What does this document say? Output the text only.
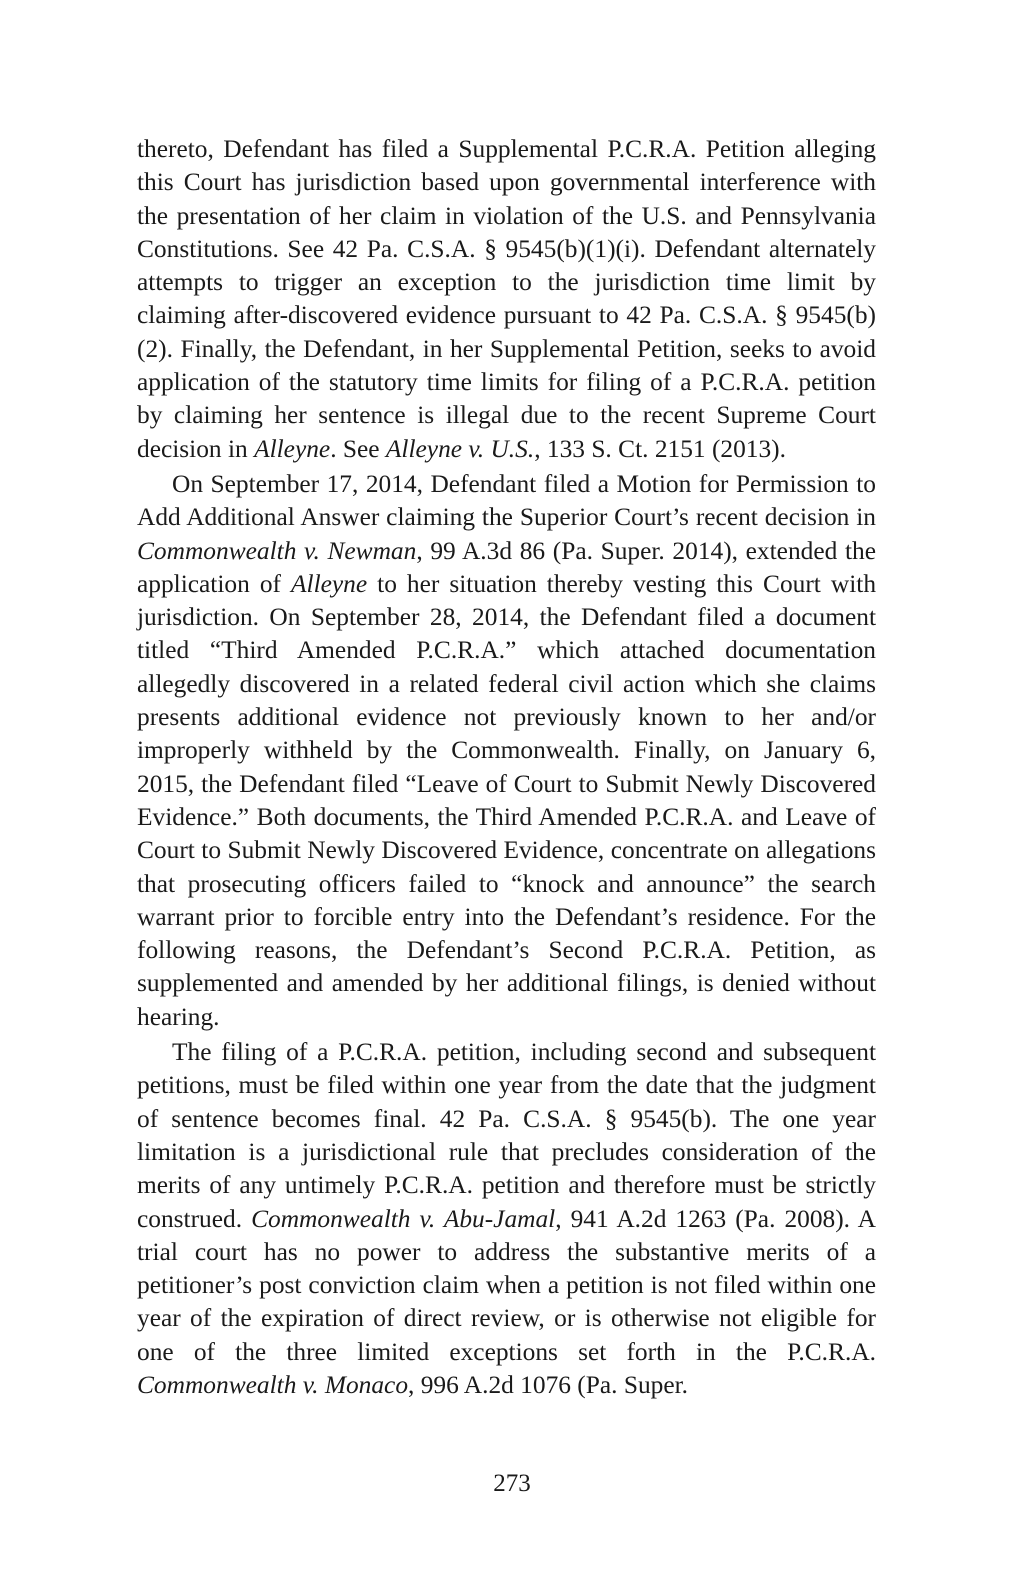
thereto, Defendant has filed a Supplemental P.C.R.A. Petition alleging this Court has jurisdiction based upon governmental interference with the presentation of her claim in violation of the U.S. and Pennsylvania Constitutions. See 42 Pa. C.S.A. § 9545(b)(1)(i). Defendant alternately attempts to trigger an exception to the jurisdiction time limit by claiming after-discovered evidence pursuant to 42 Pa. C.S.A. § 9545(b)(2). Finally, the Defendant, in her Supplemental Petition, seeks to avoid application of the statutory time limits for filing of a P.C.R.A. petition by claiming her sentence is illegal due to the recent Supreme Court decision in Alleyne. See Alleyne v. U.S., 133 S. Ct. 2151 (2013).

On September 17, 2014, Defendant filed a Motion for Permission to Add Additional Answer claiming the Superior Court’s recent decision in Commonwealth v. Newman, 99 A.3d 86 (Pa. Super. 2014), extended the application of Alleyne to her situation thereby vesting this Court with jurisdiction. On September 28, 2014, the Defendant filed a document titled “Third Amended P.C.R.A.” which attached documentation allegedly discovered in a related federal civil action which she claims presents additional evidence not previously known to her and/or improperly withheld by the Commonwealth. Finally, on January 6, 2015, the Defendant filed “Leave of Court to Submit Newly Discovered Evidence.” Both documents, the Third Amended P.C.R.A. and Leave of Court to Submit Newly Discovered Evidence, concentrate on allegations that prosecuting officers failed to “knock and announce” the search warrant prior to forcible entry into the Defendant’s residence. For the following reasons, the Defendant’s Second P.C.R.A. Petition, as supplemented and amended by her additional filings, is denied without hearing.

The filing of a P.C.R.A. petition, including second and subsequent petitions, must be filed within one year from the date that the judgment of sentence becomes final. 42 Pa. C.S.A. § 9545(b). The one year limitation is a jurisdictional rule that precludes consideration of the merits of any untimely P.C.R.A. petition and therefore must be strictly construed. Commonwealth v. Abu-Jamal, 941 A.2d 1263 (Pa. 2008). A trial court has no power to address the substantive merits of a petitioner’s post conviction claim when a petition is not filed within one year of the expiration of direct review, or is otherwise not eligible for one of the three limited exceptions set forth in the P.C.R.A. Commonwealth v. Monaco, 996 A.2d 1076 (Pa. Super.

273
